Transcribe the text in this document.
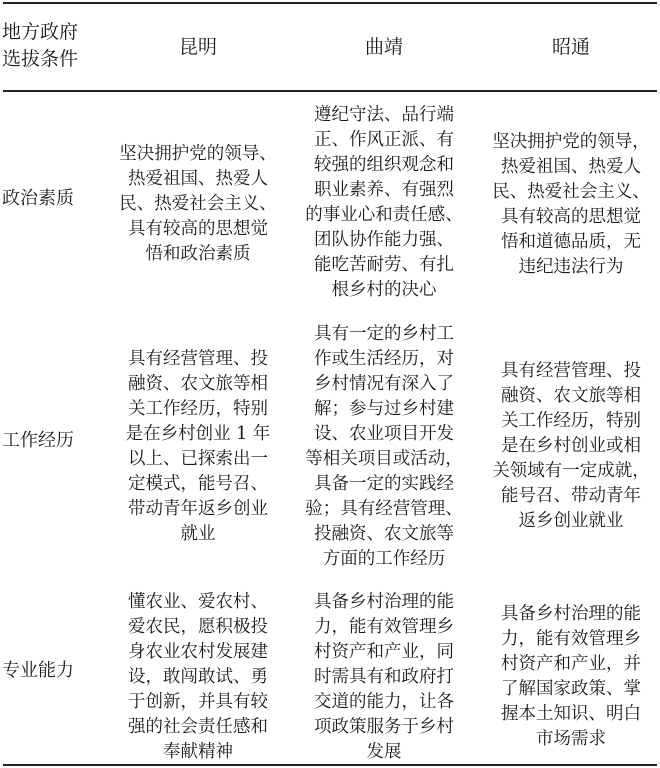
地方政府
选拔条件
昆明	曲靖	昭通
政治素质
坚决拥护党的领导、
热爱祖国、热爱人
民、热爱社会主义、
具有较高的思想觉
悟和政治素质
遵纪守法、品行端
正、作风正派、有
较强的组织观念和
职业素养、有强烈
的事业心和责任感、
团队协作能力强、
能吃苦耐劳、有扎
根乡村的决心
坚决拥护党的领导，
热爱祖国、热爱人
民、热爱社会主义、
具有较高的思想觉
悟和道德品质，无
违纪违法行为
工作经历
具有经营管理、投
融资、农文旅等相
关工作经历，特别
是在乡村创业 1 年
以上、已探索出一
定模式，能号召、
带动青年返乡创业
就业
具有一定的乡村工
作或生活经历，对
乡村情况有深入了
解；参与过乡村建
设、农业项目开发
等相关项目或活动，
具备一定的实践经
验；具有经营管理、
投融资、农文旅等
方面的工作经历
具有经营管理、投
融资、农文旅等相
关工作经历，特别
是在乡村创业或相
关领域有一定成就，
能号召、带动青年
返乡创业就业
专业能力
懂农业、爱农村、
爱农民，愿积极投
身农业农村发展建
设，敢闯敢试、勇
于创新，并具有较
强的社会责任感和
奉献精神
具备乡村治理的能
力，能有效管理乡
村资产和产业，同
时需具有和政府打
交道的能力，让各
项政策服务于乡村
发展
具备乡村治理的能
力，能有效管理乡
村资产和产业，并
了解国家政策、掌
握本土知识、明白
市场需求
